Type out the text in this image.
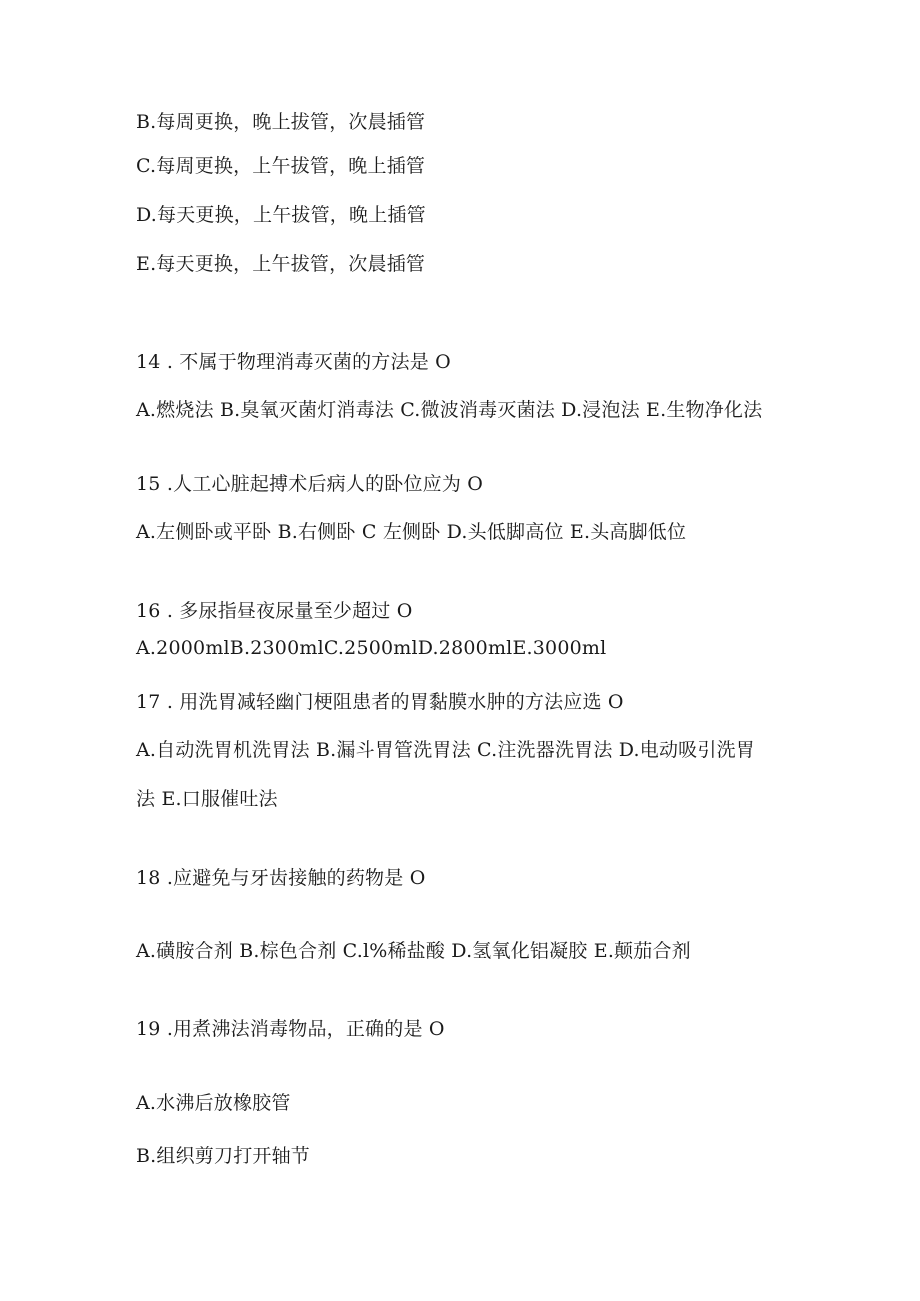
B.每周更换，晚上拔管，次晨插管
C.每周更换，上午拔管，晚上插管
D.每天更换，上午拔管，晚上插管
E.每天更换，上午拔管，次晨插管
14 . 不属于物理消毒灭菌的方法是 O
A.燃烧法 B.臭氧灭菌灯消毒法 C.微波消毒灭菌法 D.浸泡法 E.生物净化法
15 .人工心脏起搏术后病人的卧位应为 O
A.左侧卧或平卧 B.右侧卧 C 左侧卧 D.头低脚高位 E.头高脚低位
16 . 多尿指昼夜尿量至少超过 O
A.2000mlB.2300mlC.2500mlD.2800mlE.3000ml
17 . 用洗胃减轻幽门梗阻患者的胃黏膜水肿的方法应选 O
A.自动洗胃机洗胃法 B.漏斗胃管洗胃法 C.注洗器洗胃法 D.电动吸引洗胃
法 E.口服催吐法
18 .应避免与牙齿接触的药物是 O
A.磺胺合剂 B.棕色合剂 C.l%稀盐酸 D.氢氧化铝凝胶 E.颠茄合剂
19 .用煮沸法消毒物品，正确的是 O
A.水沸后放橡胶管
B.组织剪刀打开轴节
